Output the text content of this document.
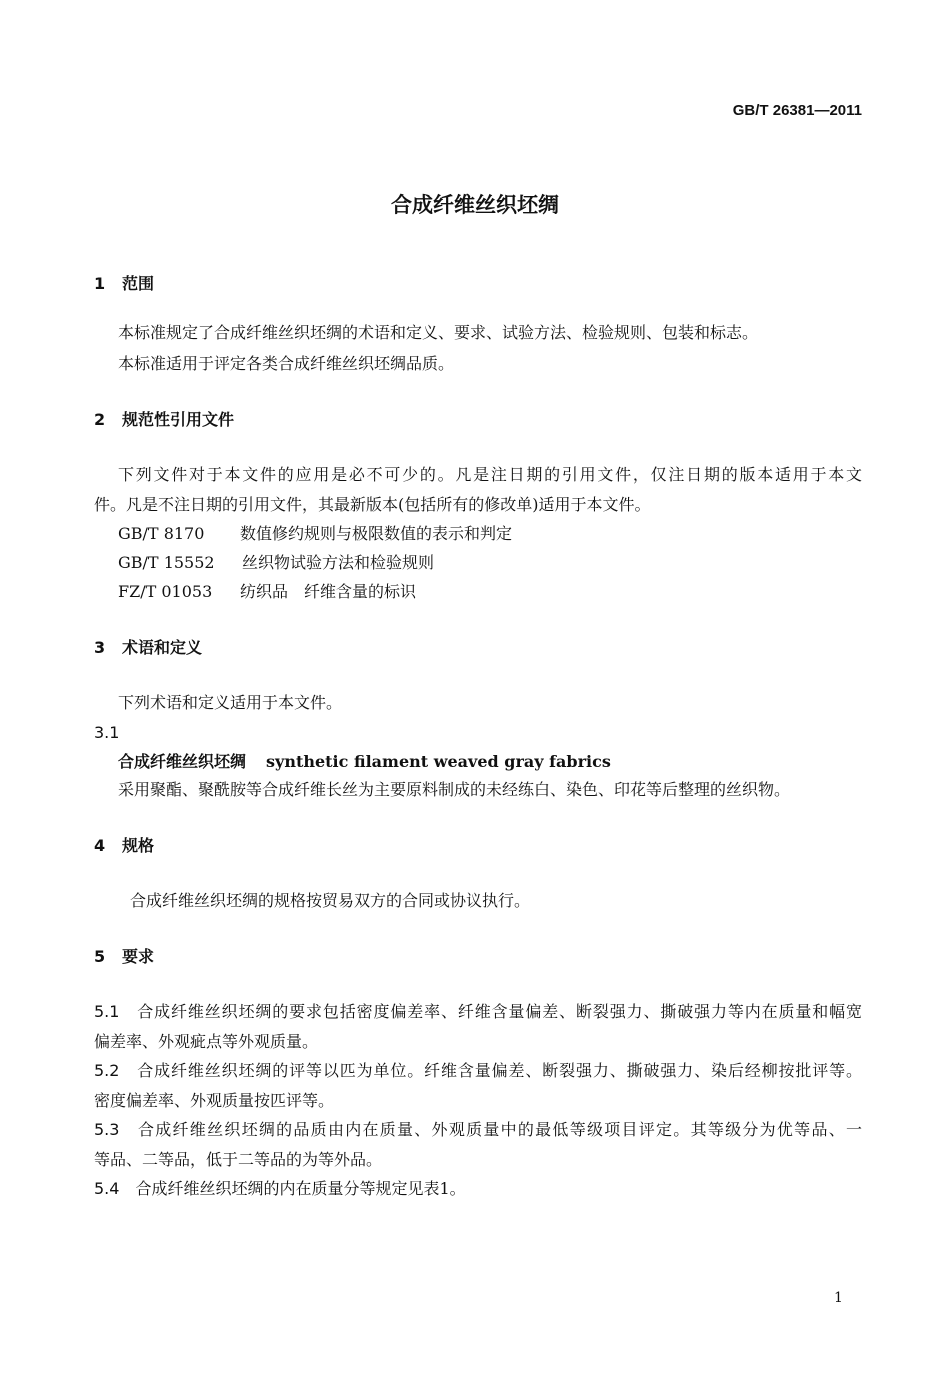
GB/T 26381—2011
合成纤维丝织坯绸
1 范围
本标准规定了合成纤维丝织坯绸的术语和定义、要求、试验方法、检验规则、包装和标志。
本标准适用于评定各类合成纤维丝织坯绸品质。
2 规范性引用文件
下列文件对于本文件的应用是必不可少的。凡是注日期的引用文件，仅注日期的版本适用于本文
件。凡是不注日期的引用文件，其最新版本(包括所有的修改单)适用于本文件。
GB/T 8170 数值修约规则与极限数值的表示和判定
GB/T 15552 丝织物试验方法和检验规则
FZ/T 01053 纺织品　纤维含量的标识
3 术语和定义
下列术语和定义适用于本文件。
3.1
合成纤维丝织坯绸 synthetic filament weaved gray fabrics
采用聚酯、聚酰胺等合成纤维长丝为主要原料制成的未经练白、染色、印花等后整理的丝织物。
4 规格
合成纤维丝织坯绸的规格按贸易双方的合同或协议执行。
5 要求
5.1　 合成纤维丝织坯绸的要求包括密度偏差率、纤维含量偏差、断裂强力、撕破强力等内在质量和幅宽
偏差率、外观疵点等外观质量。
5.2　 合成纤维丝织坯绸的评等以匹为单位。纤维含量偏差、断裂强力、撕破强力、染后经柳按批评等。
密度偏差率、外观质量按匹评等。
5.3　 合成纤维丝织坯绸的品质由内在质量、外观质量中的最低等级项目评定。其等级分为优等品、一
等品、二等品，低于二等品的为等外品。
5.4　 合成纤维丝织坯绸的内在质量分等规定见表1。
1
